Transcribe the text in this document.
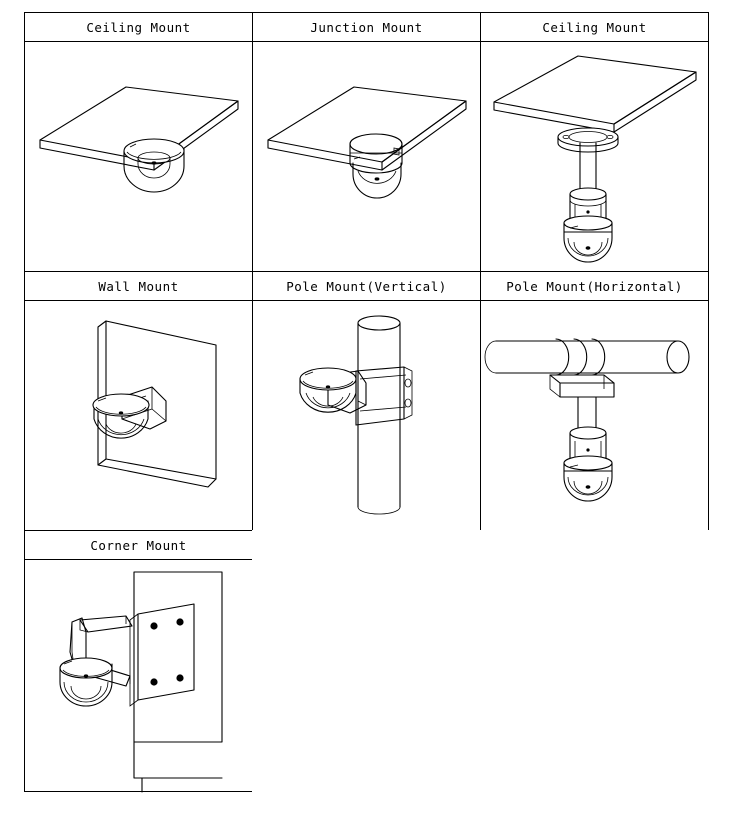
Ceiling Mount	Junction Mount	Ceiling Mount
Wall Mount	Pole Mount(Vertical)	Pole Mount(Horizontal)
Corner Mount
